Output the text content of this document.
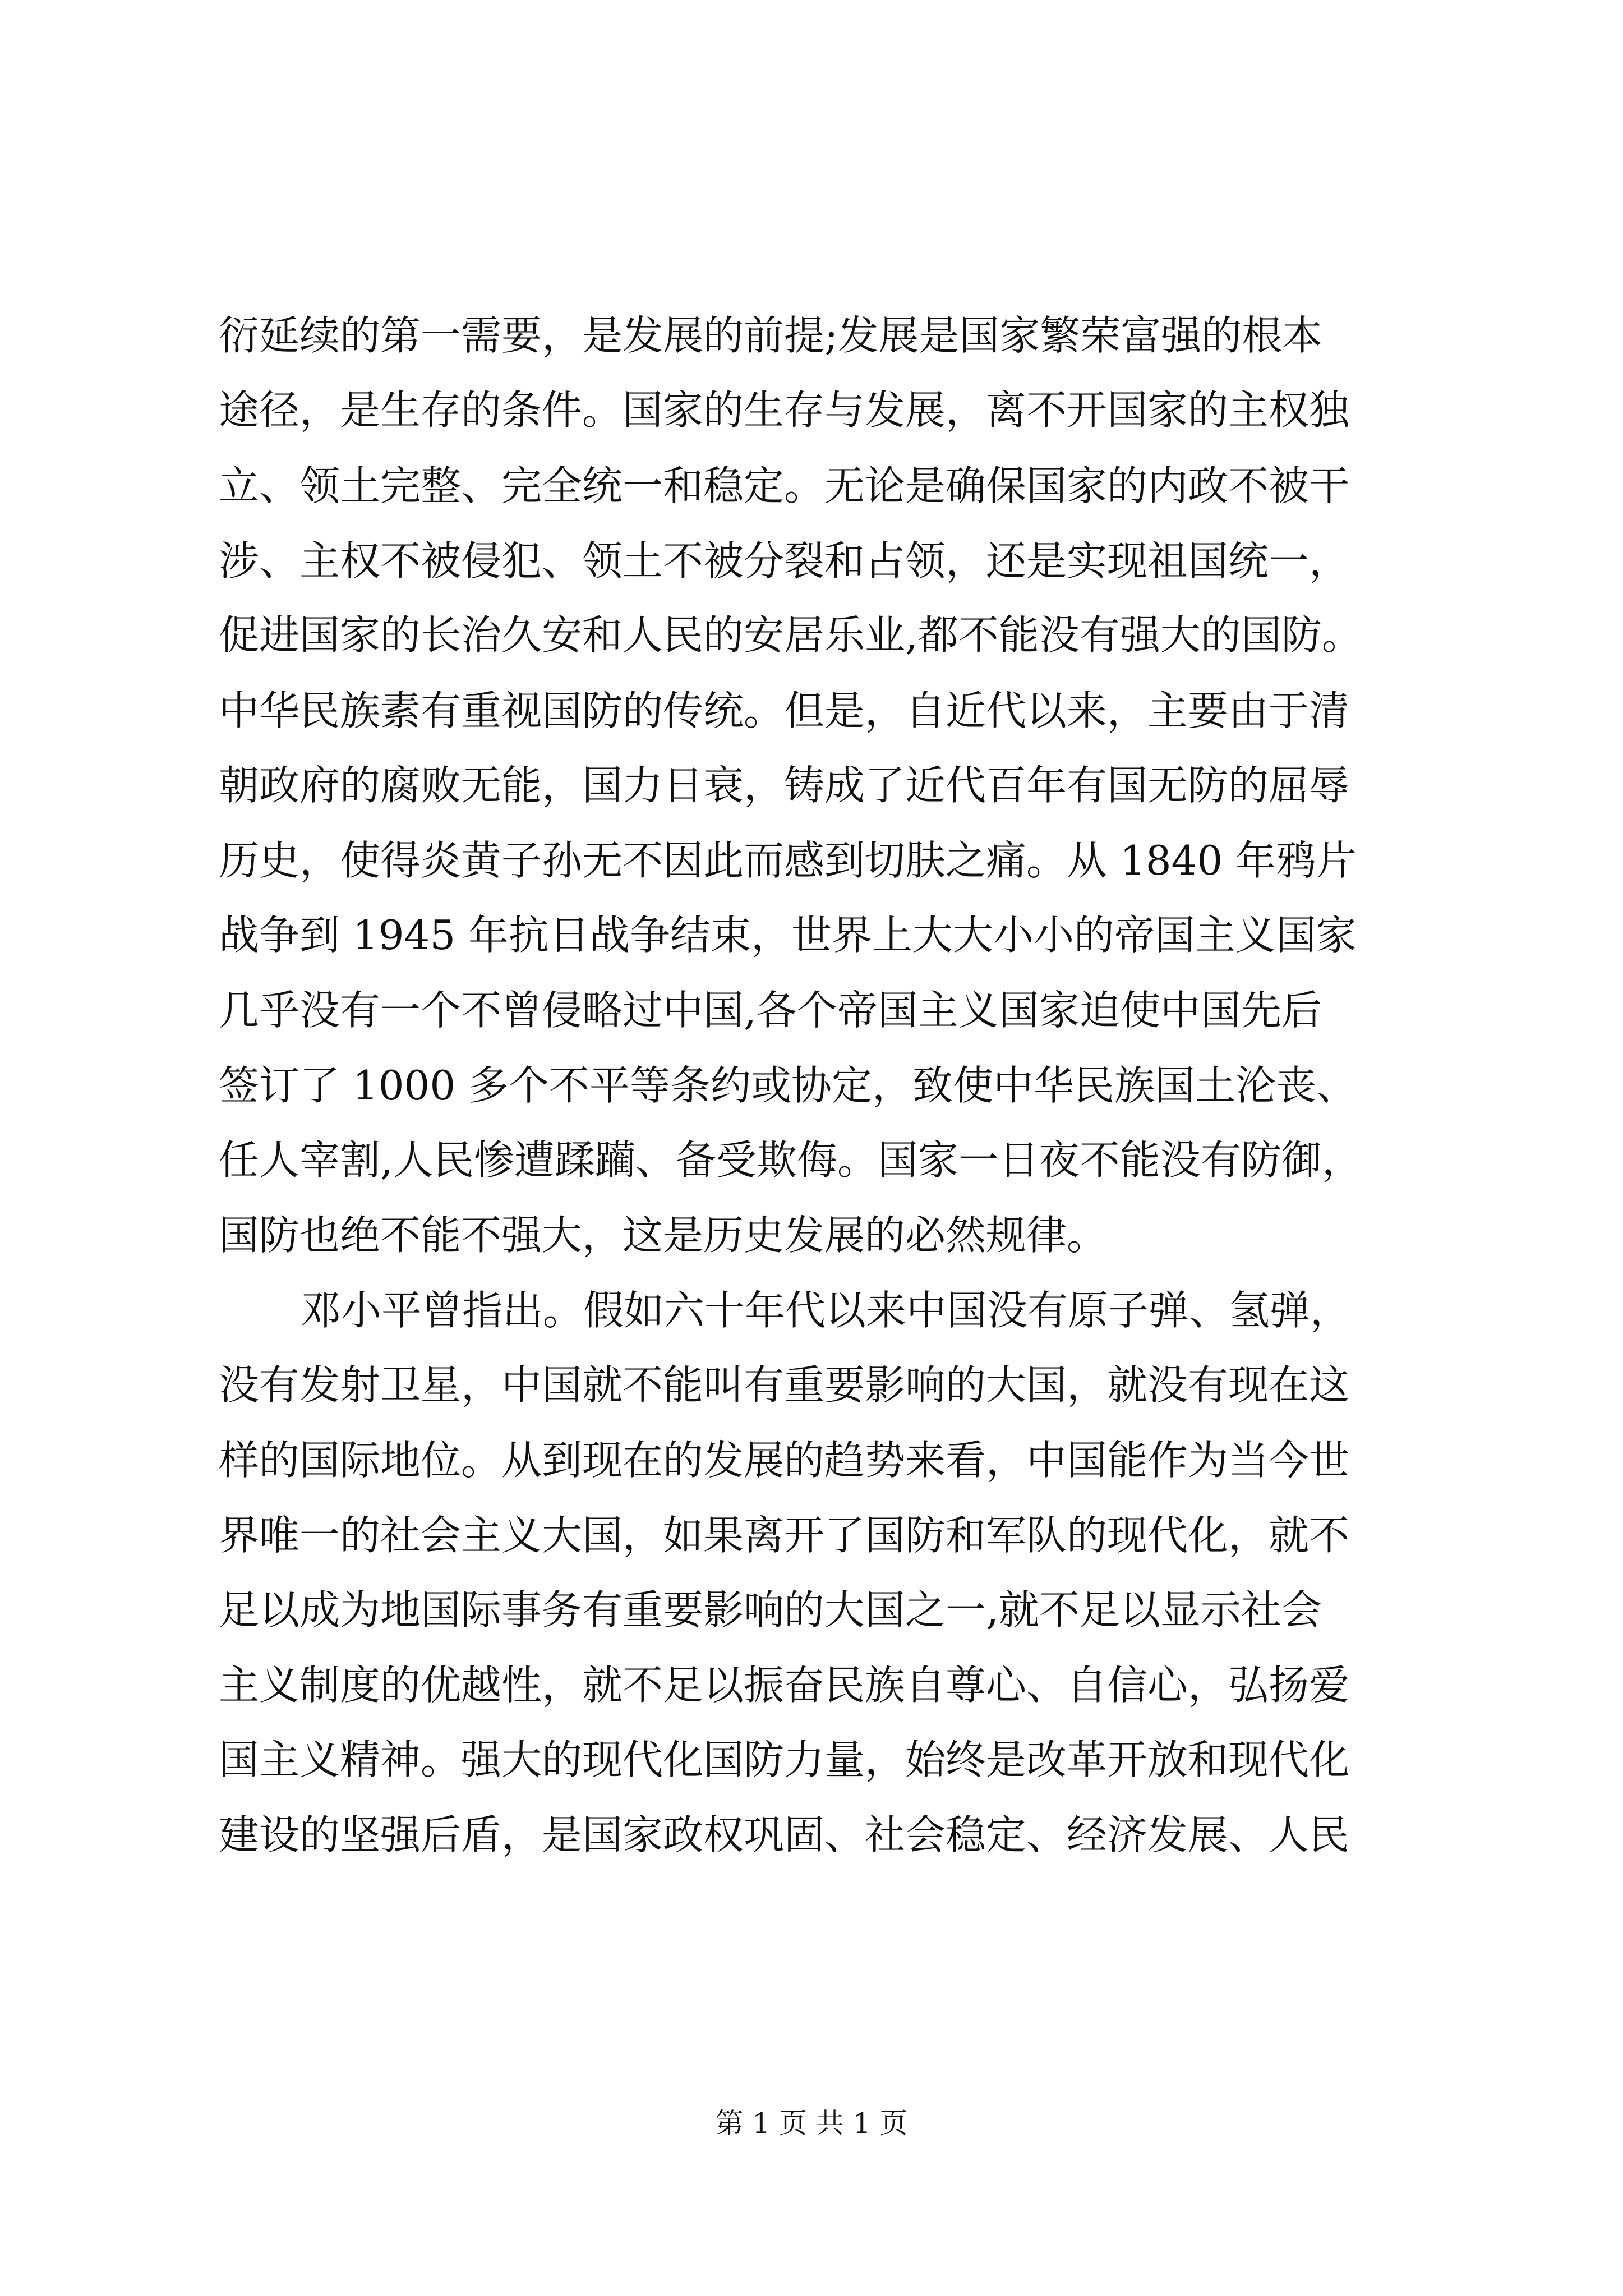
衍延续的第一需要，是发展的前提;发展是国家繁荣富强的根本
途径，是生存的条件。国家的生存与发展，离不开国家的主权独
立、领土完整、完全统一和稳定。无论是确保国家的内政不被干
涉、主权不被侵犯、领土不被分裂和占领，还是实现祖国统一，
促进国家的长治久安和人民的安居乐业,都不能没有强大的国防。
中华民族素有重视国防的传统。但是，自近代以来，主要由于清
朝政府的腐败无能，国力日衰，铸成了近代百年有国无防的屈辱
历史，使得炎黄子孙无不因此而感到切肤之痛。从 1840 年鸦片
战争到 1945 年抗日战争结束，世界上大大小小的帝国主义国家
几乎没有一个不曾侵略过中国,各个帝国主义国家迫使中国先后
签订了 1000 多个不平等条约或协定，致使中华民族国土沦丧、
任人宰割,人民惨遭蹂躏、备受欺侮。国家一日夜不能没有防御，
国防也绝不能不强大，这是历史发展的必然规律。
邓小平曾指出。假如六十年代以来中国没有原子弹、氢弹，
没有发射卫星，中国就不能叫有重要影响的大国，就没有现在这
样的国际地位。从到现在的发展的趋势来看，中国能作为当今世
界唯一的社会主义大国，如果离开了国防和军队的现代化，就不
足以成为地国际事务有重要影响的大国之一,就不足以显示社会
主义制度的优越性，就不足以振奋民族自尊心、自信心，弘扬爱
国主义精神。强大的现代化国防力量，始终是改革开放和现代化
建设的坚强后盾，是国家政权巩固、社会稳定、经济发展、人民
第 1 页 共 1 页
